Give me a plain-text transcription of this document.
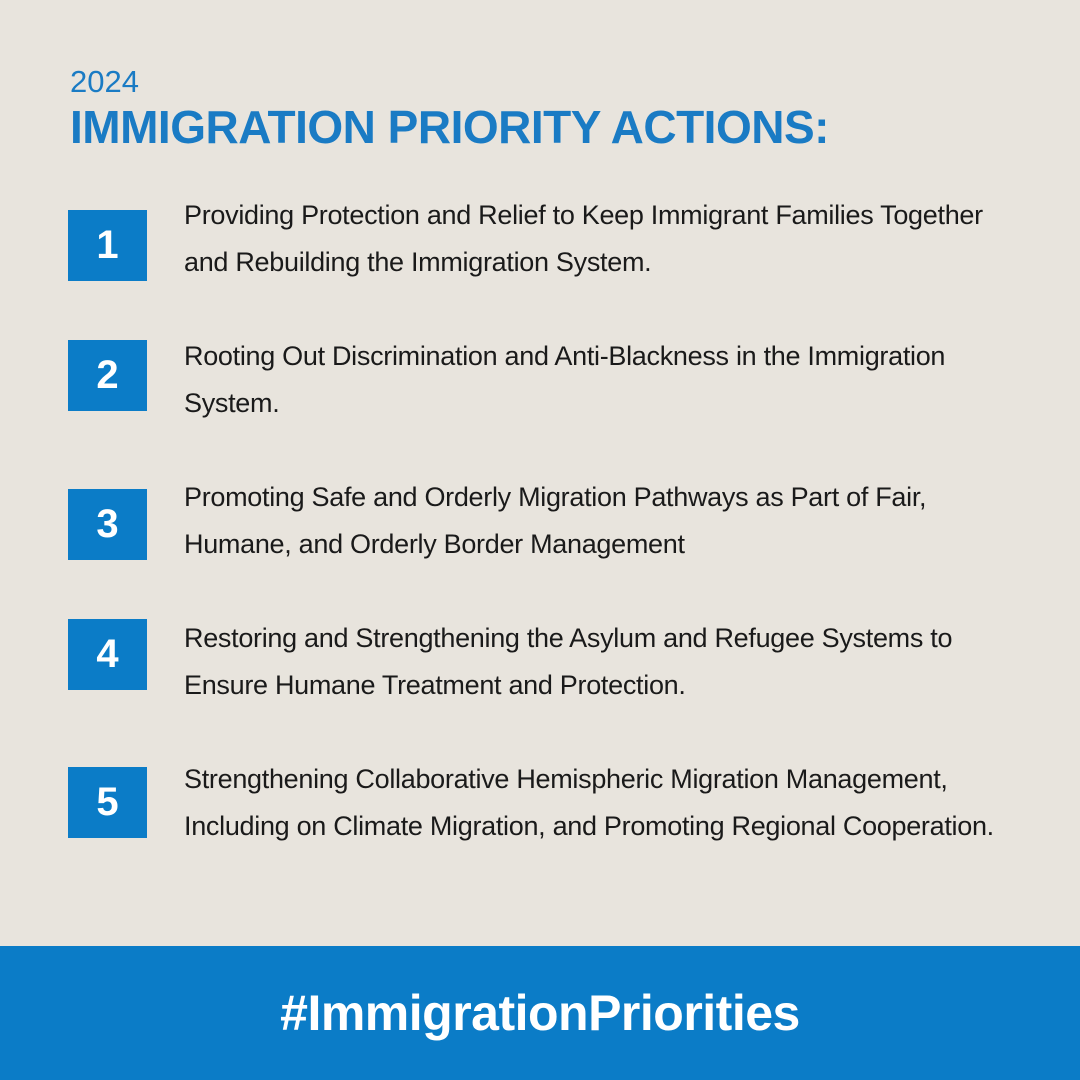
2024
IMMIGRATION PRIORITY ACTIONS:
1
Providing Protection and Relief to Keep Immigrant Families Together and Rebuilding the Immigration System.
2	Rooting Out Discrimination and Anti-Blackness in the Immigration System.
3
Promoting Safe and Orderly Migration Pathways as Part of Fair, Humane, and Orderly Border Management
4	Restoring and Strengthening the Asylum and Refugee Systems to Ensure Humane Treatment and Protection.
5
Strengthening Collaborative Hemispheric Migration Management, Including on Climate Migration, and Promoting Regional Cooperation.
#ImmigrationPriorities
